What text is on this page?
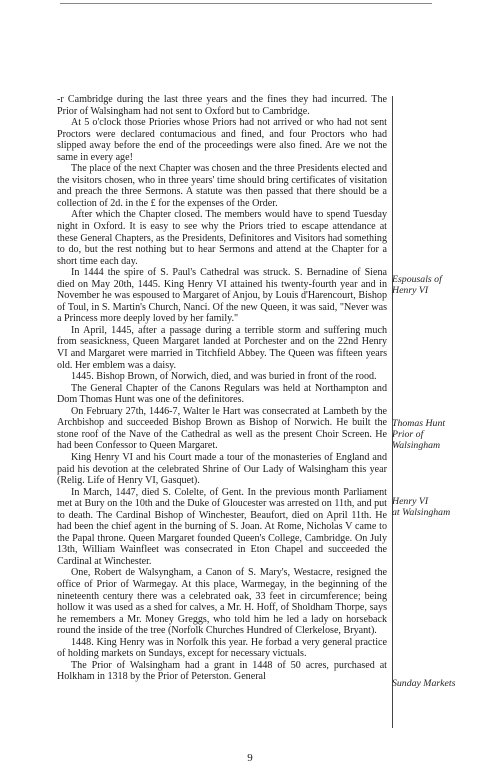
-r Cambridge during the last three years and the fines they had incurred. The Prior of Walsingham had not sent to Oxford but to Cambridge.

At 5 o'clock those Priories whose Priors had not arrived or who had not sent Proctors were declared contumacious and fined, and four Proctors who had slipped away before the end of the proceedings were also fined. Are we not the same in every age!

The place of the next Chapter was chosen and the three Presidents elected and the visitors chosen, who in three years' time should bring certificates of visitation and preach the three Sermons. A statute was then passed that there should be a collection of 2d. in the £ for the expenses of the Order.

After which the Chapter closed. The members would have to spend Tuesday night in Oxford. It is easy to see why the Priors tried to escape attendance at these General Chapters, as the Presidents, Definitores and Visitors had something to do, but the rest nothing but to hear Sermons and attend at the Chapter for a short time each day.

In 1444 the spire of S. Paul's Cathedral was struck. S. Bernadine of Siena died on May 20th, 1445. King Henry VI attained his twenty-fourth year and in November he was espoused to Margaret of Anjou, by Louis d'Harencourt, Bishop of Toul, in S. Martin's Church, Nanci. Of the new Queen, it was said, "Never was a Princess more deeply loved by her family."

In April, 1445, after a passage during a terrible storm and suffering much from seasickness, Queen Margaret landed at Porchester and on the 22nd Henry VI and Margaret were married in Titchfield Abbey. The Queen was fifteen years old. Her emblem was a daisy.

1445. Bishop Brown, of Norwich, died, and was buried in front of the rood.

The General Chapter of the Canons Regulars was held at Northampton and Dom Thomas Hunt was one of the definitores.

On February 27th, 1446-7, Walter le Hart was consecrated at Lambeth by the Archbishop and succeeded Bishop Brown as Bishop of Norwich. He built the stone roof of the Nave of the Cathedral as well as the present Choir Screen. He had been Confessor to Queen Margaret.

King Henry VI and his Court made a tour of the monasteries of England and paid his devotion at the celebrated Shrine of Our Lady of Walsingham this year (Relig. Life of Henry VI, Gasquet).

In March, 1447, died S. Colelte, of Gent. In the previous month Parliament met at Bury on the 10th and the Duke of Gloucester was arrested on 11th, and put to death. The Cardinal Bishop of Winchester, Beaufort, died on April 11th. He had been the chief agent in the burning of S. Joan. At Rome, Nicholas V came to the Papal throne. Queen Margaret founded Queen's College, Cambridge. On July 13th, William Wainfleet was consecrated in Eton Chapel and succeeded the Cardinal at Winchester.

One, Robert de Walsyngham, a Canon of S. Mary's, Westacre, resigned the office of Prior of Warmegay. At this place, Warmegay, in the beginning of the nineteenth century there was a celebrated oak, 33 feet in circumference; being hollow it was used as a shed for calves, a Mr. H. Hoff, of Sholdham Thorpe, says he remembers a Mr. Money Greggs, who told him he led a lady on horseback round the inside of the tree (Norfolk Churches Hundred of Clerkelose, Bryant).

1448. King Henry was in Norfolk this year. He forbad a very general practice of holding markets on Sundays, except for necessary victuals.

The Prior of Walsingham had a grant in 1448 of 50 acres, purchased at Holkham in 1318 by the Prior of Peterston. General

Espousals of
Henry VI
Thomas Hunt
Prior of
Walsingham
Henry VI
at Walsingham
Sunday Markets
9
